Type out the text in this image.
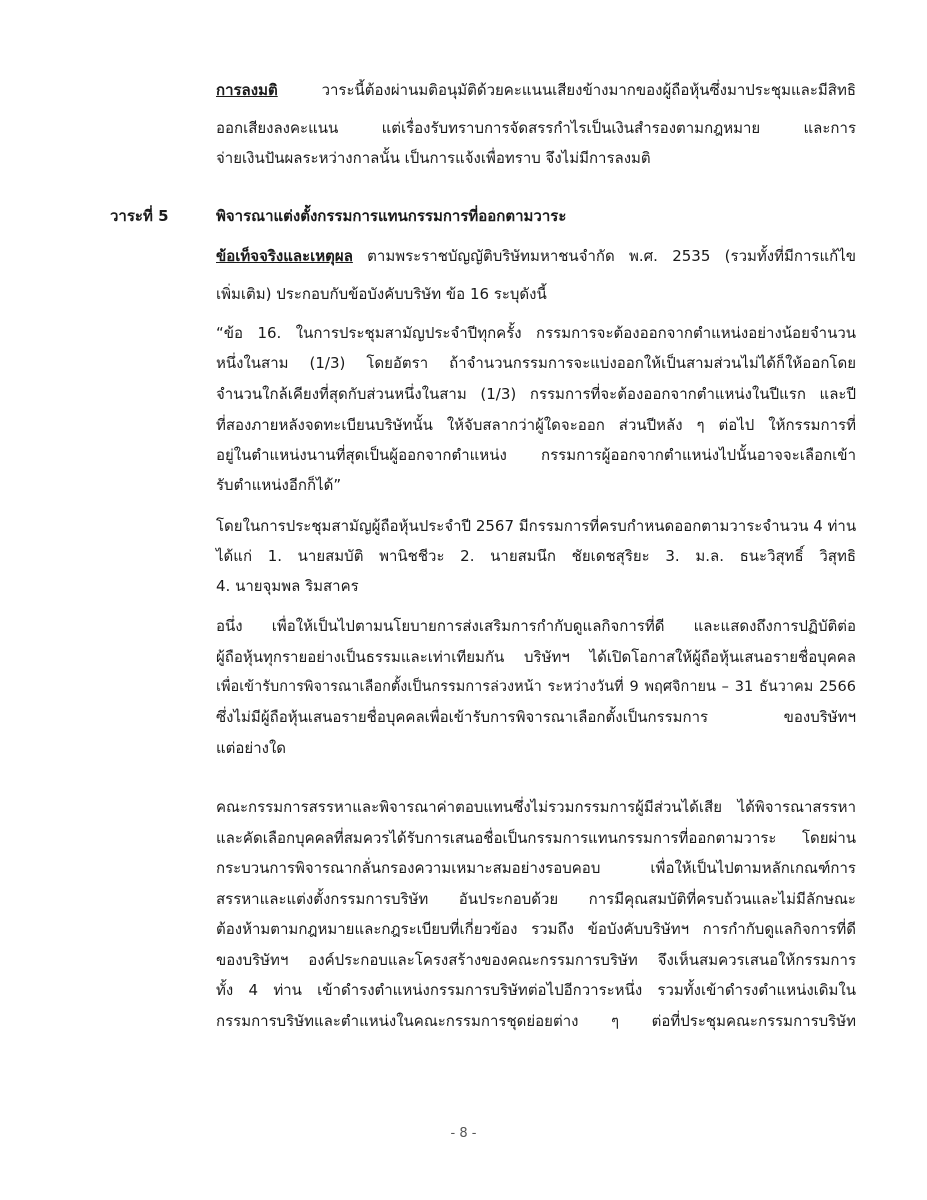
การลงมติ วาระนี้ต้องผ่านมติอนุมัติด้วยคะแนนเสียงข้างมากของผู้ถือหุ้นซึ่งมาประชุมและมีสิทธิ
ออกเสียงลงคะแนน แต่เรื่องรับทราบการจัดสรรกำไรเป็นเงินสำรองตามกฎหมาย และการ
จ่ายเงินปันผลระหว่างกาลนั้น เป็นการแจ้งเพื่อทราบ จึงไม่มีการลงมติ
วาระที่ 5	พิจารณาแต่งตั้งกรรมการแทนกรรมการที่ออกตามวาระ
ข้อเท็จจริงและเหตุผล ตามพระราชบัญญัติบริษัทมหาชนจำกัด พ.ศ. 2535 (รวมทั้งที่มีการแก้ไข
เพิ่มเติม) ประกอบกับข้อบังคับบริษัท ข้อ 16 ระบุดังนี้
“ข้อ 16. ในการประชุมสามัญประจำปีทุกครั้ง กรรมการจะต้องออกจากตำแหน่งอย่างน้อยจำนวน
หนึ่งในสาม (1/3) โดยอัตรา ถ้าจำนวนกรรมการจะแบ่งออกให้เป็นสามส่วนไม่ได้ก็ให้ออกโดย
จำนวนใกล้เคียงที่สุดกับส่วนหนึ่งในสาม (1/3) กรรมการที่จะต้องออกจากตำแหน่งในปีแรก และปี
ที่สองภายหลังจดทะเบียนบริษัทนั้น ให้จับสลากว่าผู้ใดจะออก ส่วนปีหลัง ๆ ต่อไป ให้กรรมการที่
อยู่ในตำแหน่งนานที่สุดเป็นผู้ออกจากตำแหน่ง กรรมการผู้ออกจากตำแหน่งไปนั้นอาจจะเลือกเข้า
รับตำแหน่งอีกก็ได้”
โดยในการประชุมสามัญผู้ถือหุ้นประจำปี 2567 มีกรรมการที่ครบกำหนดออกตามวาระจำนวน 4 ท่าน
ได้แก่ 1. นายสมบัติ พานิชชีวะ 2. นายสมนึก ชัยเดชสุริยะ 3. ม.ล. ธนะวิสุทธิ์ วิสุทธิ
4. นายจุมพล ริมสาคร
อนึ่ง เพื่อให้เป็นไปตามนโยบายการส่งเสริมการกำกับดูแลกิจการที่ดี และแสดงถึงการปฏิบัติต่อ
ผู้ถือหุ้นทุกรายอย่างเป็นธรรมและเท่าเทียมกัน บริษัทฯ ได้เปิดโอกาสให้ผู้ถือหุ้นเสนอรายชื่อบุคคล
เพื่อเข้ารับการพิจารณาเลือกตั้งเป็นกรรมการล่วงหน้า ระหว่างวันที่ 9 พฤศจิกายน – 31 ธันวาคม 2566
ซึ่งไม่มีผู้ถือหุ้นเสนอรายชื่อบุคคลเพื่อเข้ารับการพิจารณาเลือกตั้งเป็นกรรมการ ของบริษัทฯ
แต่อย่างใด
คณะกรรมการสรรหาและพิจารณาค่าตอบแทนซึ่งไม่รวมกรรมการผู้มีส่วนได้เสีย ได้พิจารณาสรรหา
และคัดเลือกบุคคลที่สมควรได้รับการเสนอชื่อเป็นกรรมการแทนกรรมการที่ออกตามวาระ โดยผ่าน
กระบวนการพิจารณากลั่นกรองความเหมาะสมอย่างรอบคอบ เพื่อให้เป็นไปตามหลักเกณฑ์การ
สรรหาและแต่งตั้งกรรมการบริษัท อันประกอบด้วย การมีคุณสมบัติที่ครบถ้วนและไม่มีลักษณะ
ต้องห้ามตามกฎหมายและกฎระเบียบที่เกี่ยวข้อง รวมถึง ข้อบังคับบริษัทฯ การกำกับดูแลกิจการที่ดี
ของบริษัทฯ องค์ประกอบและโครงสร้างของคณะกรรมการบริษัท จึงเห็นสมควรเสนอให้กรรมการ
ทั้ง 4 ท่าน เข้าดำรงตำแหน่งกรรมการบริษัทต่อไปอีกวาระหนึ่ง รวมทั้งเข้าดำรงตำแหน่งเดิมใน
กรรมการบริษัทและตำแหน่งในคณะกรรมการชุดย่อยต่าง ๆ ต่อที่ประชุมคณะกรรมการบริษัท
- 8 -
